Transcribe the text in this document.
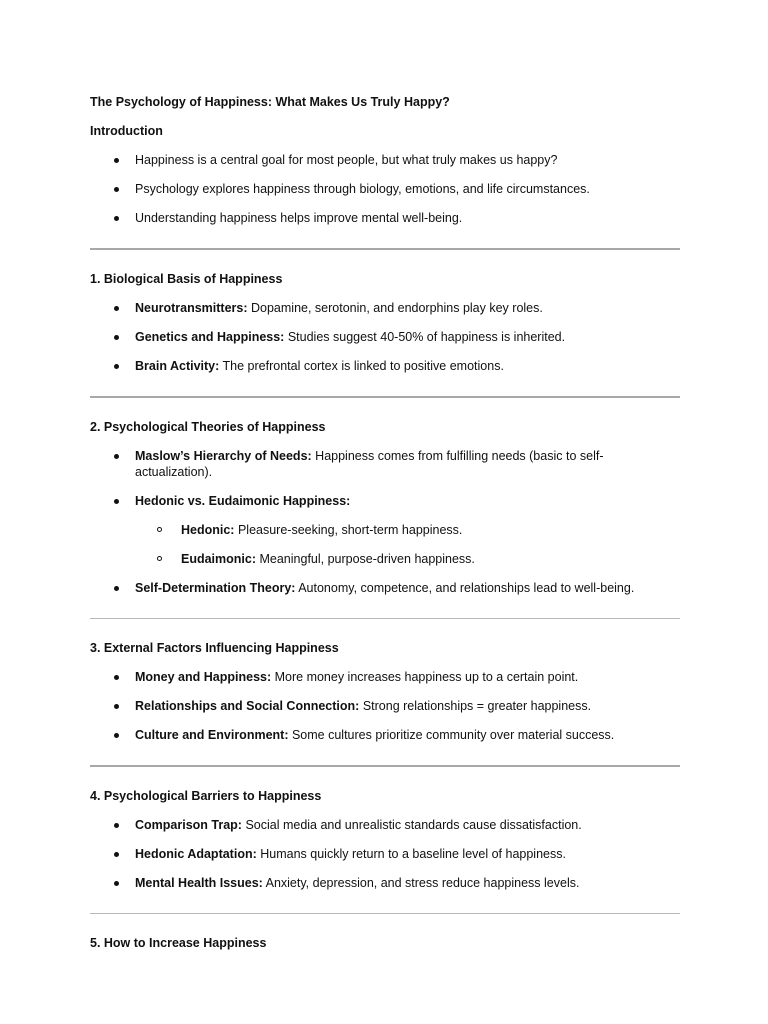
The Psychology of Happiness: What Makes Us Truly Happy?

Introduction

Happiness is a central goal for most people, but what truly makes us happy?
Psychology explores happiness through biology, emotions, and life circumstances.
Understanding happiness helps improve mental well-being.

1. Biological Basis of Happiness

Neurotransmitters: Dopamine, serotonin, and endorphins play key roles.
Genetics and Happiness: Studies suggest 40-50% of happiness is inherited.
Brain Activity: The prefrontal cortex is linked to positive emotions.

2. Psychological Theories of Happiness

Maslow’s Hierarchy of Needs: Happiness comes from fulfilling needs (basic to self-actualization).
Hedonic vs. Eudaimonic Happiness:
Hedonic: Pleasure-seeking, short-term happiness.
Eudaimonic: Meaningful, purpose-driven happiness.
Self-Determination Theory: Autonomy, competence, and relationships lead to well-being.

3. External Factors Influencing Happiness

Money and Happiness: More money increases happiness up to a certain point.
Relationships and Social Connection: Strong relationships = greater happiness.
Culture and Environment: Some cultures prioritize community over material success.

4. Psychological Barriers to Happiness

Comparison Trap: Social media and unrealistic standards cause dissatisfaction.
Hedonic Adaptation: Humans quickly return to a baseline level of happiness.
Mental Health Issues: Anxiety, depression, and stress reduce happiness levels.

5. How to Increase Happiness
